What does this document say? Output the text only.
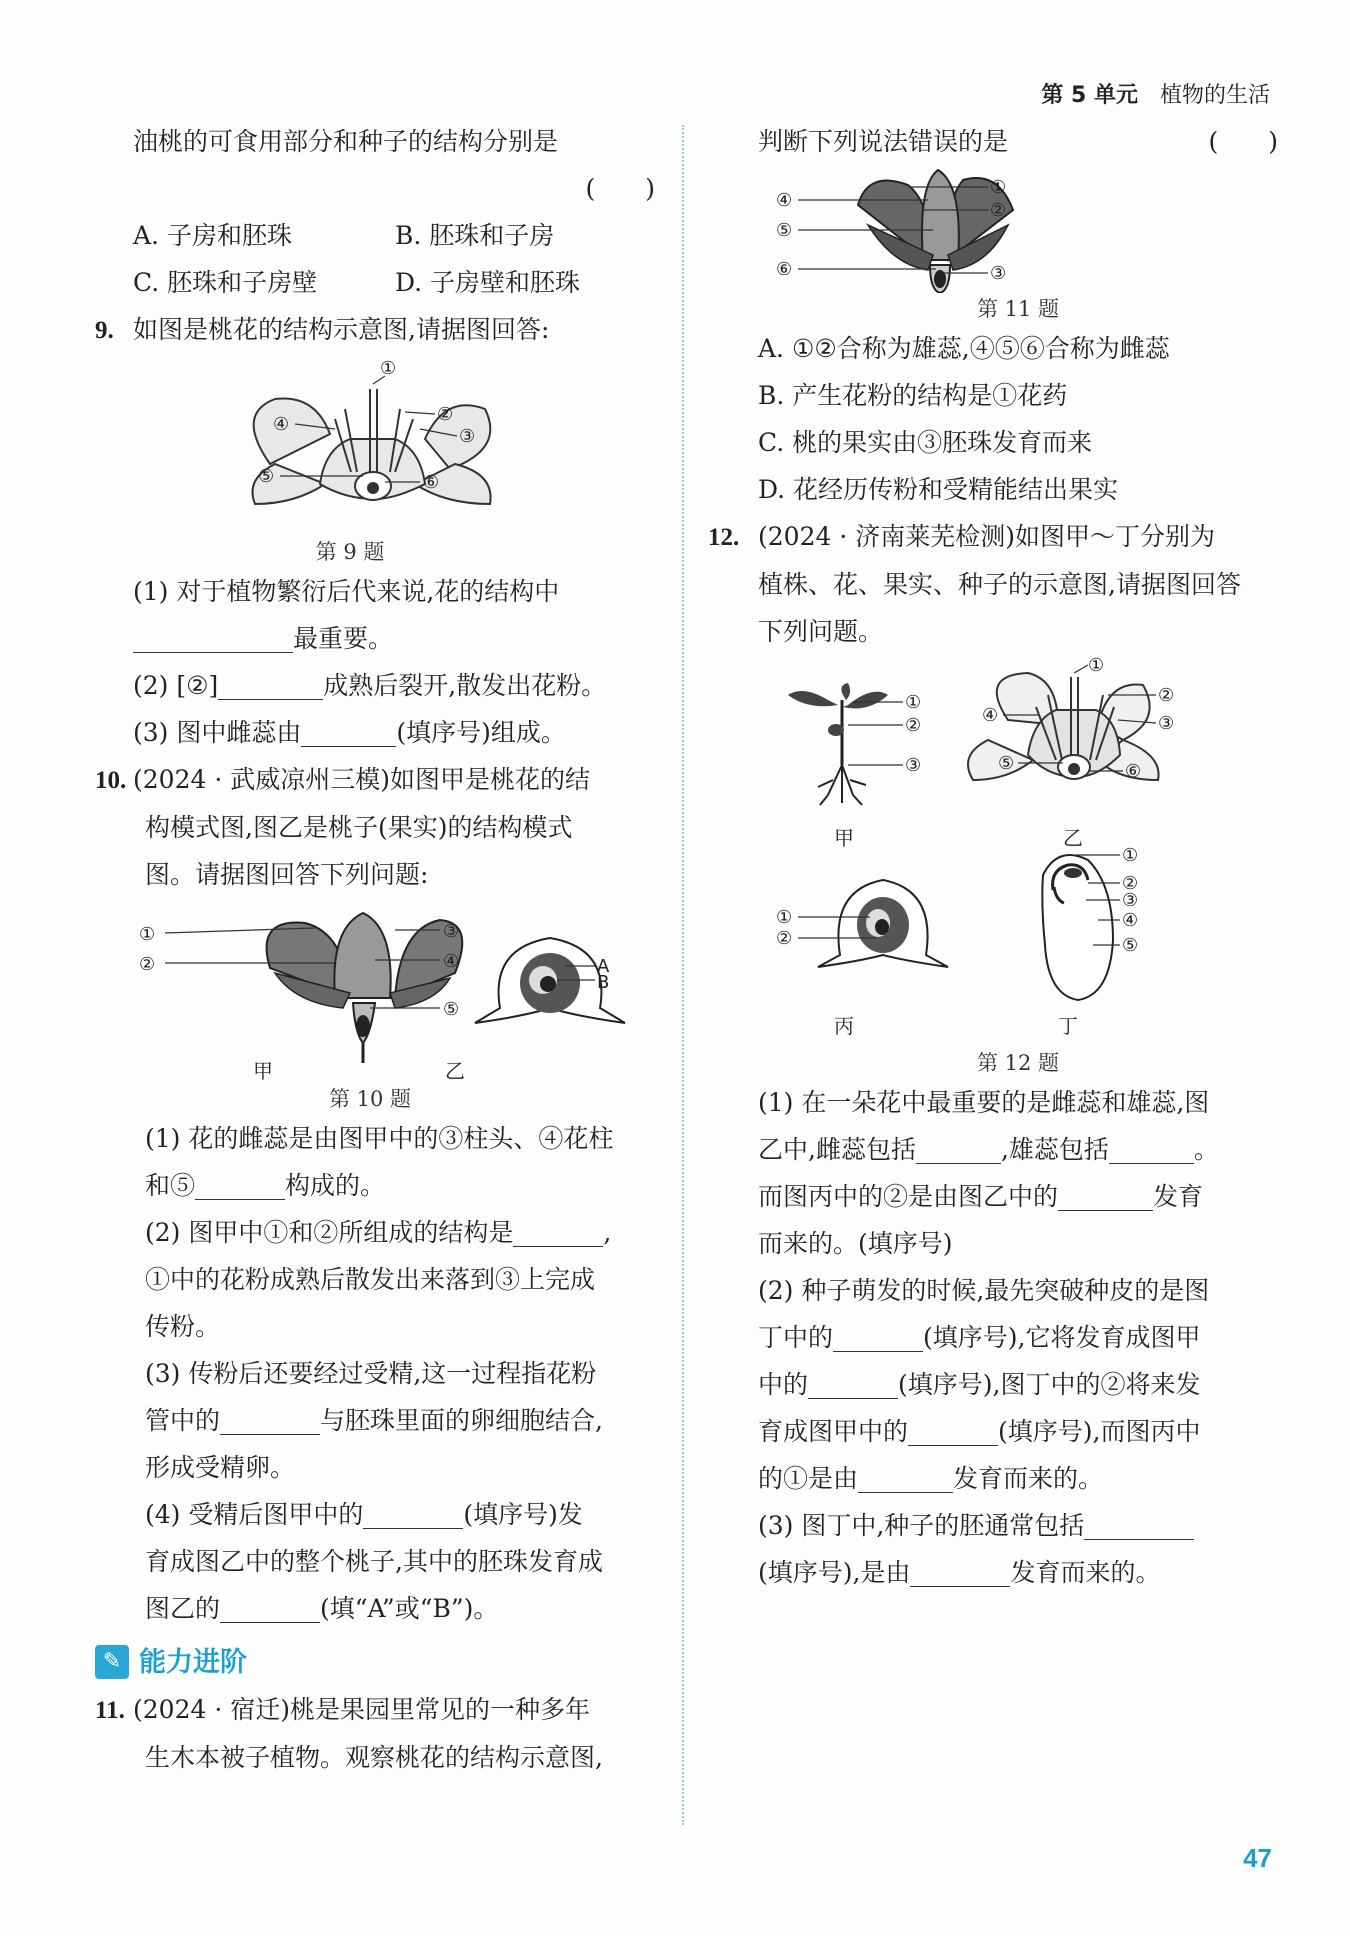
第 5 单元 植物的生活
油桃的可食用部分和种子的结构分别是
(　　)
A. 子房和胚珠	B. 胚珠和子房
C. 胚珠和子房壁	D. 子房壁和胚珠
9. 如图是桃花的结构示意图,请据图回答:
①
②
③
④
⑤	⑥
第 9 题
(1) 对于植物繁衍后代来说,花的结构中
最重要。
(2) [②]	成熟后裂开,散发出花粉。
(3) 图中雌蕊由	(填序号)组成。
10. (2024 · 武威凉州三模)如图甲是桃花的结
构模式图,图乙是桃子(果实)的结构模式
图。请据图回答下列问题:
①
②
③
④
⑤
A
B
甲	乙
第 10 题
(1) 花的雌蕊是由图甲中的③柱头、④花柱
和⑤	构成的。
(2) 图甲中①和②所组成的结构是	,
①中的花粉成熟后散发出来落到③上完成
传粉。
(3) 传粉后还要经过受精,这一过程指花粉
管中的	与胚珠里面的卵细胞结合,
形成受精卵。
(4) 受精后图甲中的	(填序号)发
育成图乙中的整个桃子,其中的胚珠发育成
图乙的	(填“A”或“B”)。
✎ 能力进阶
11. (2024 · 宿迁)桃是果园里常见的一种多年
生木本被子植物。观察桃花的结构示意图,
判断下列说法错误的是	(　　)
①
②
③
④
⑤
⑥
第 11 题
A. ①②合称为雄蕊,④⑤⑥合称为雌蕊
B. 产生花粉的结构是①花药
C. 桃的果实由③胚珠发育而来
D. 花经历传粉和受精能结出果实
12. (2024 · 济南莱芜检测)如图甲～丁分别为
植株、花、果实、种子的示意图,请据图回答
下列问题。
①
②
③
①
②
③
④
⑤	⑥
①
②
①
②
③
④
⑤
甲	乙
丙	丁
第 12 题
(1) 在一朵花中最重要的是雌蕊和雄蕊,图
乙中,雌蕊包括	,雄蕊包括	。
而图丙中的②是由图乙中的	发育
而来的。(填序号)
(2) 种子萌发的时候,最先突破种皮的是图
丁中的	(填序号),它将发育成图甲
中的	(填序号),图丁中的②将来发
育成图甲中的	(填序号),而图丙中
的①是由	发育而来的。
(3) 图丁中,种子的胚通常包括
(填序号),是由	发育而来的。
47
